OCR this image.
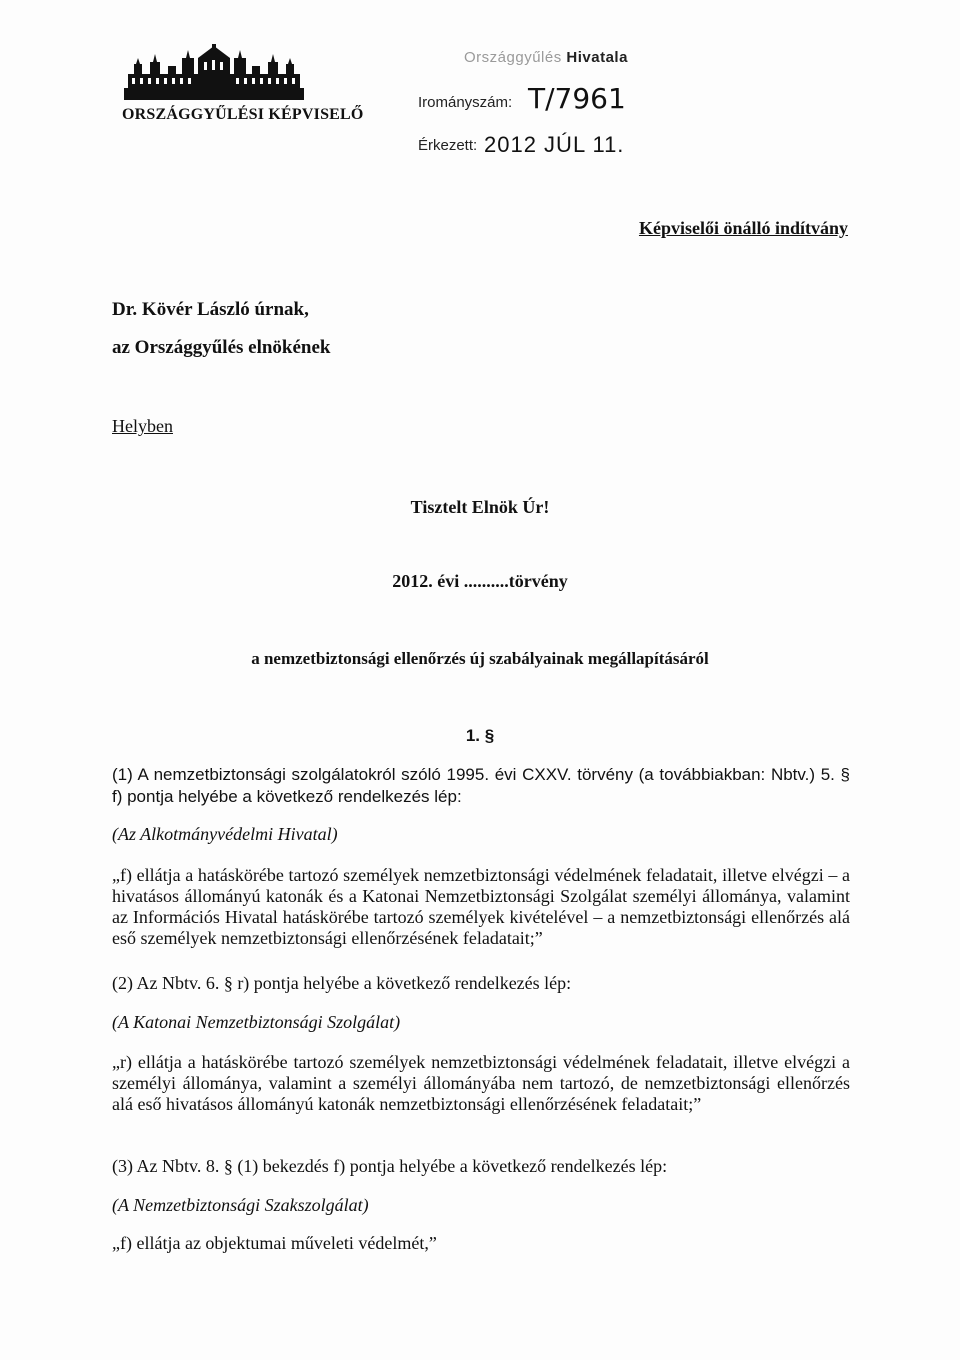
ORSZÁGGYŰLÉSI KÉPVISELŐ
Országgyűlés Hivatala
Irományszám: T/7961
Érkezett: 2012 JÚL 11.
Képviselői önálló indítvány
Dr. Kövér László úrnak,
az Országgyűlés elnökének
Helyben
Tisztelt Elnök Úr!
2012. évi ..........törvény
a nemzetbiztonsági ellenőrzés új szabályainak megállapításáról
1. §
(1) A nemzetbiztonsági szolgálatokról szóló 1995. évi CXXV. törvény (a továbbiakban: Nbtv.) 5. § f) pontja helyébe a következő rendelkezés lép:
(Az Alkotmányvédelmi Hivatal)
„f) ellátja a hatáskörébe tartozó személyek nemzetbiztonsági védelmének feladatait, illetve elvégzi – a hivatásos állományú katonák és a Katonai Nemzetbiztonsági Szolgálat személyi állománya, valamint az Információs Hivatal hatáskörébe tartozó személyek kivételével – a nemzetbiztonsági ellenőrzés alá eső személyek nemzetbiztonsági ellenőrzésének feladatait;”
(2) Az Nbtv. 6. § r) pontja helyébe a következő rendelkezés lép:
(A Katonai Nemzetbiztonsági Szolgálat)
„r) ellátja a hatáskörébe tartozó személyek nemzetbiztonsági védelmének feladatait, illetve elvégzi a személyi állománya, valamint a személyi állományába nem tartozó, de nemzetbiztonsági ellenőrzés alá eső hivatásos állományú katonák nemzetbiztonsági ellenőrzésének feladatait;”
(3) Az Nbtv. 8. § (1) bekezdés f) pontja helyébe a következő rendelkezés lép:
(A Nemzetbiztonsági Szakszolgálat)
„f) ellátja az objektumai műveleti védelmét,”
